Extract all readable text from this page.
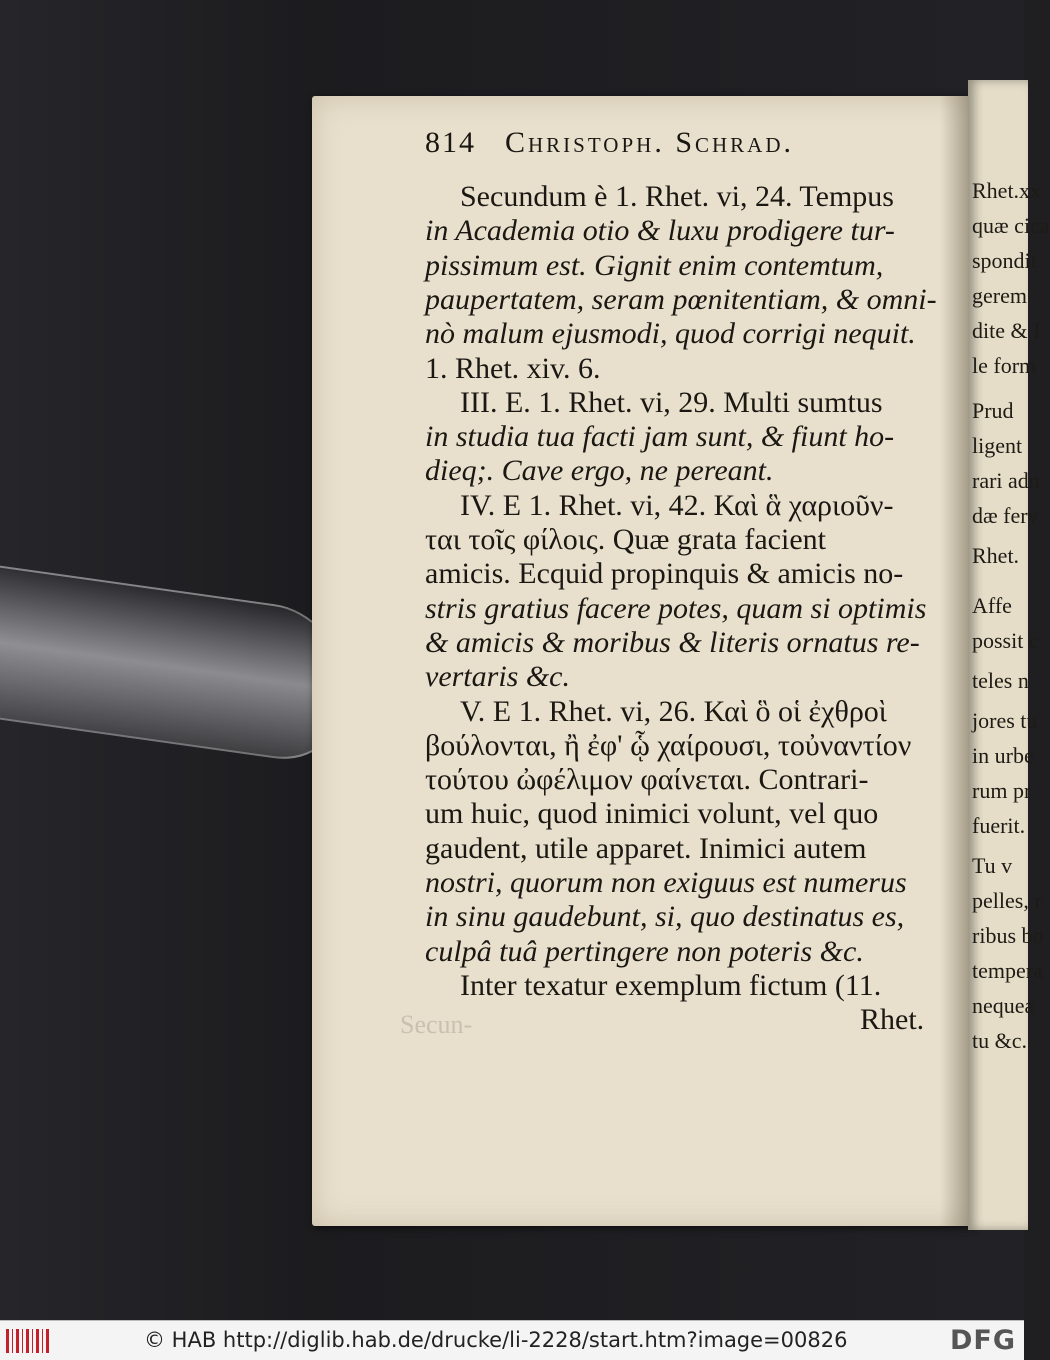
Rhet.xx
quæ cica
spondit
gerem
dite & I
le form
Prud
ligent
rari adn
dæ ferv
Rhet.
Affe
possit c
teles n
jores tu
in urbe
rum pr
fuerit.
Tu v
pelles, r
ribus bo
tempera
nequea
tu &c.
814 Christoph. Schrad.
Secundum è 1. Rhet. vi, 24. Tempus
in Academia otio & luxu prodigere tur-
pissimum est. Gignit enim contemtum,
paupertatem, seram pœnitentiam, & omni-
nò malum ejusmodi, quod corrigi nequit.
1. Rhet. xiv. 6.
III. E. 1. Rhet. vi, 29. Multi sumtus
in studia tua facti jam sunt, & fiunt ho-
dieq;. Cave ergo, ne pereant.
IV. E 1. Rhet. vi, 42. Καὶ ἃ χαριοῦν-
ται τοῖς φίλοις. Quæ grata facient
amicis. Ecquid propinquis & amicis no-
stris gratius facere potes, quam si optimis
& amicis & moribus & literis ornatus re-
vertaris &c.
V. E 1. Rhet. vi, 26. Καὶ ὃ οἱ ἐχθροὶ
βούλονται, ἢ ἐφ' ᾧ χαίρουσι, τοὐναντίον
τούτου ὠφέλιμον φαίνεται. Contrari-
um huic, quod inimici volunt, vel quo
gaudent, utile apparet. Inimici autem
nostri, quorum non exiguus est numerus
in sinu gaudebunt, si, quo destinatus es,
culpâ tuâ pertingere non poteris &c.
Inter texatur exemplum fictum (11.
Rhet.
Secun-
© HAB http://diglib.hab.de/drucke/li-2228/start.htm?image=00826	DFG
